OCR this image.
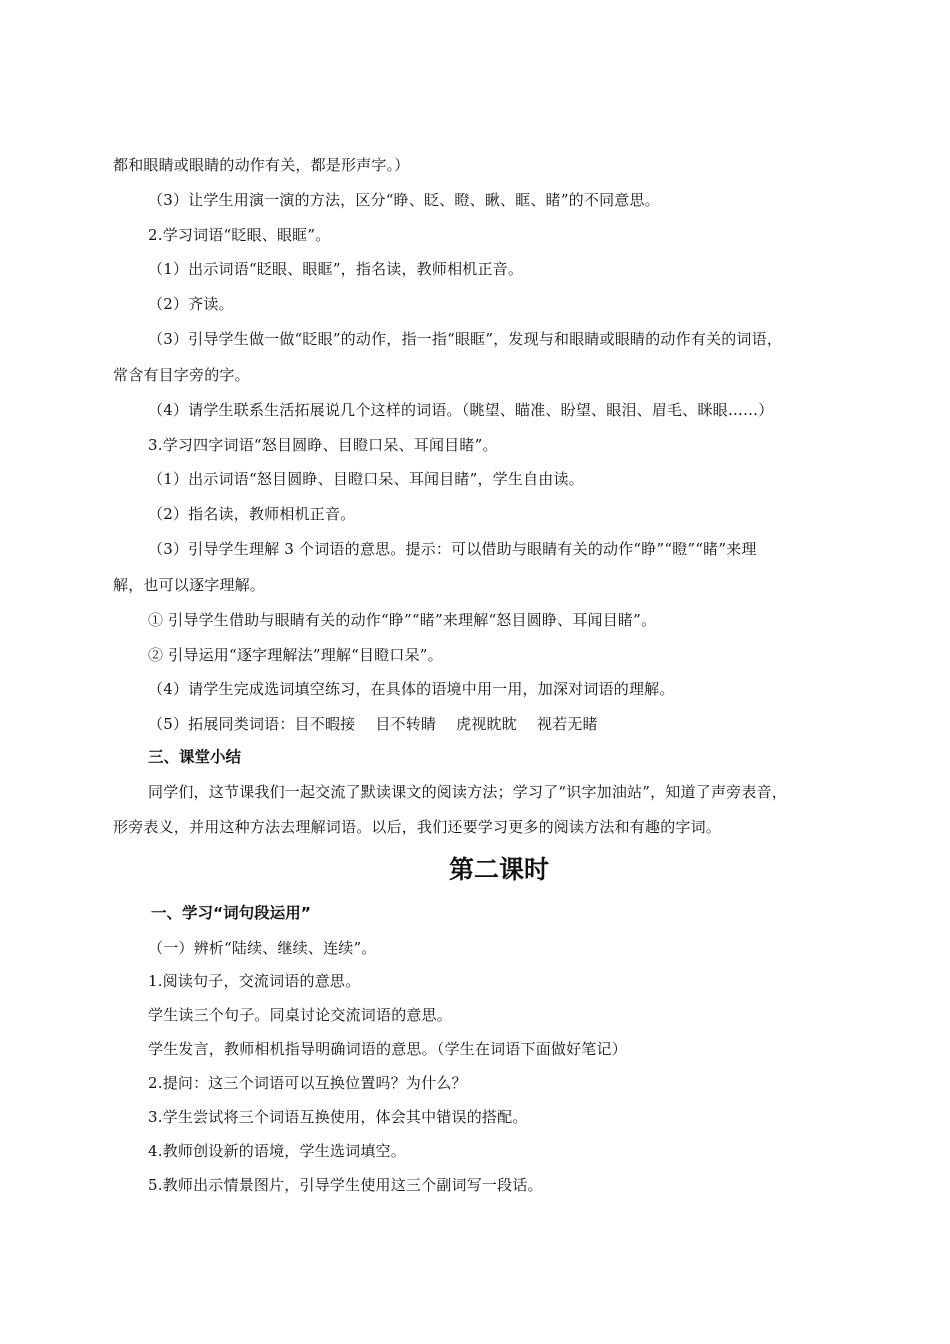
都和眼睛或眼睛的动作有关，都是形声字。）
（3）让学生用演一演的方法，区分“睁、眨、瞪、瞅、眶、睹”的不同意思。
2.学习词语“眨眼、眼眶”。
（1）出示词语“眨眼、眼眶”，指名读，教师相机正音。
（2）齐读。
（3）引导学生做一做“眨眼”的动作，指一指“眼眶”，发现与和眼睛或眼睛的动作有关的词语，
常含有目字旁的字。
（4）请学生联系生活拓展说几个这样的词语。（眺望、瞄准、盼望、眼泪、眉毛、眯眼……）
3.学习四字词语“怒目圆睁、目瞪口呆、耳闻目睹”。
（1）出示词语“怒目圆睁、目瞪口呆、耳闻目睹”，学生自由读。
（2）指名读，教师相机正音。
（3）引导学生理解 3 个词语的意思。提示：可以借助与眼睛有关的动作“睁”“瞪”“睹”来理
解，也可以逐字理解。
① 引导学生借助与眼睛有关的动作“睁”“睹”来理解“怒目圆睁、耳闻目睹”。
② 引导运用“逐字理解法”理解“目瞪口呆”。
（4）请学生完成选词填空练习，在具体的语境中用一用，加深对词语的理解。
（5）拓展同类词语：目不暇接 目不转睛 虎视眈眈 视若无睹
三、课堂小结
同学们，这节课我们一起交流了默读课文的阅读方法；学习了“识字加油站”，知道了声旁表音，
形旁表义，并用这种方法去理解词语。以后，我们还要学习更多的阅读方法和有趣的字词。
第二课时
一、学习“词句段运用”
（一）辨析“陆续、继续、连续”。
1.阅读句子，交流词语的意思。
学生读三个句子。同桌讨论交流词语的意思。
学生发言，教师相机指导明确词语的意思。（学生在词语下面做好笔记）
2.提问：这三个词语可以互换位置吗？为什么？
3.学生尝试将三个词语互换使用，体会其中错误的搭配。
4.教师创设新的语境，学生选词填空。
5.教师出示情景图片，引导学生使用这三个副词写一段话。
